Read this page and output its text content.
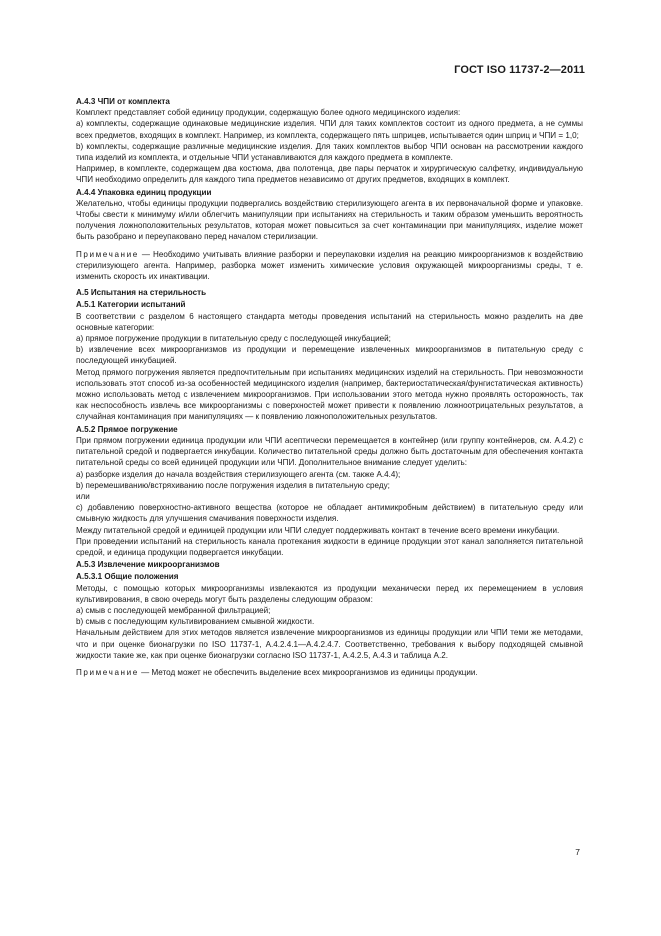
ГОСТ ISO 11737-2—2011

А.4.3 ЧПИ от комплекта

Комплект представляет собой единицу продукции, содержащую более одного медицинского изделия:

a) комплекты, содержащие одинаковые медицинские изделия. ЧПИ для таких комплектов состоит из одного предмета, а не суммы всех предметов, входящих в комплект. Например, из комплекта, содержащего пять шприцев, испытывается один шприц и ЧПИ = 1,0;

b) комплекты, содержащие различные медицинские изделия. Для таких комплектов выбор ЧПИ основан на рассмотрении каждого типа изделий из комплекта, и отдельные ЧПИ устанавливаются для каждого предмета в комплекте.

Например, в комплекте, содержащем два костюма, два полотенца, две пары перчаток и хирургическую салфетку, индивидуальную ЧПИ необходимо определить для каждого типа предметов независимо от других предметов, входящих в комплект.

А.4.4 Упаковка единиц продукции

Желательно, чтобы единицы продукции подвергались воздействию стерилизующего агента в их первоначальной форме и упаковке. Чтобы свести к минимуму и/или облегчить манипуляции при испытаниях на стерильность и таким образом уменьшить вероятность получения ложноположительных результатов, которая может повыситься за счет контаминации при манипуляциях, изделие может быть разобрано и переупаковано перед началом стерилизации.

Примечание — Необходимо учитывать влияние разборки и переупаковки изделия на реакцию микроорганизмов к воздействию стерилизующего агента. Например, разборка может изменить химические условия окружающей микроорганизмы среды, т е. изменить скорость их инактивации.

А.5 Испытания на стерильность

А.5.1 Категории испытаний

В соответствии с разделом 6 настоящего стандарта методы проведения испытаний на стерильность можно разделить на две основные категории:

a) прямое погружение продукции в питательную среду с последующей инкубацией;

b) извлечение всех микроорганизмов из продукции и перемещение извлеченных микроорганизмов в питательную среду с последующей инкубацией.

Метод прямого погружения является предпочтительным при испытаниях медицинских изделий на стерильность. При невозможности использовать этот способ из-за особенностей медицинского изделия (например, бактериостатическая/фунгистатическая активность) можно использовать метод с извлечением микроорганизмов. При использовании этого метода нужно проявлять осторожность, так как неспособность извлечь все микроорганизмы с поверхностей может привести к появлению ложноотрицательных результатов, а случайная контаминация при манипуляциях — к появлению ложноположительных результатов.

А.5.2 Прямое погружение

При прямом погружении единица продукции или ЧПИ асептически перемещается в контейнер (или группу контейнеров, см. А.4.2) с питательной средой и подвергается инкубации. Количество питательной среды должно быть достаточным для обеспечения контакта питательной среды со всей единицей продукции или ЧПИ. Дополнительное внимание следует уделить:

a) разборке изделия до начала воздействия стерилизующего агента (см. также А.4.4);

b) перемешиванию/встряхиванию после погружения изделия в питательную среду;

или

c) добавлению поверхностно-активного вещества (которое не обладает антимикробным действием) в питательную среду или смывную жидкость для улучшения смачивания поверхности изделия.

Между питательной средой и единицей продукции или ЧПИ следует поддерживать контакт в течение всего времени инкубации.

При проведении испытаний на стерильность канала протекания жидкости в единице продукции этот канал заполняется питательной средой, и единица продукции подвергается инкубации.

А.5.3 Извлечение микроорганизмов

А.5.3.1 Общие положения

Методы, с помощью которых микроорганизмы извлекаются из продукции механически перед их перемещением в условия культивирования, в свою очередь могут быть разделены следующим образом:

a) смыв с последующей мембранной фильтрацией;

b) смыв с последующим культивированием смывной жидкости.

Начальным действием для этих методов является извлечение микроорганизмов из единицы продукции или ЧПИ теми же методами, что и при оценке бионагрузки по ISO 11737-1, А.4.2.4.1—А.4.2.4.7. Соответственно, требования к выбору подходящей смывной жидкости такие же, как при оценке бионагрузки согласно ISO 11737-1, А.4.2.5, А.4.3 и таблица А.2.

Примечание — Метод может не обеспечить выделение всех микроорганизмов из единицы продукции.

7
